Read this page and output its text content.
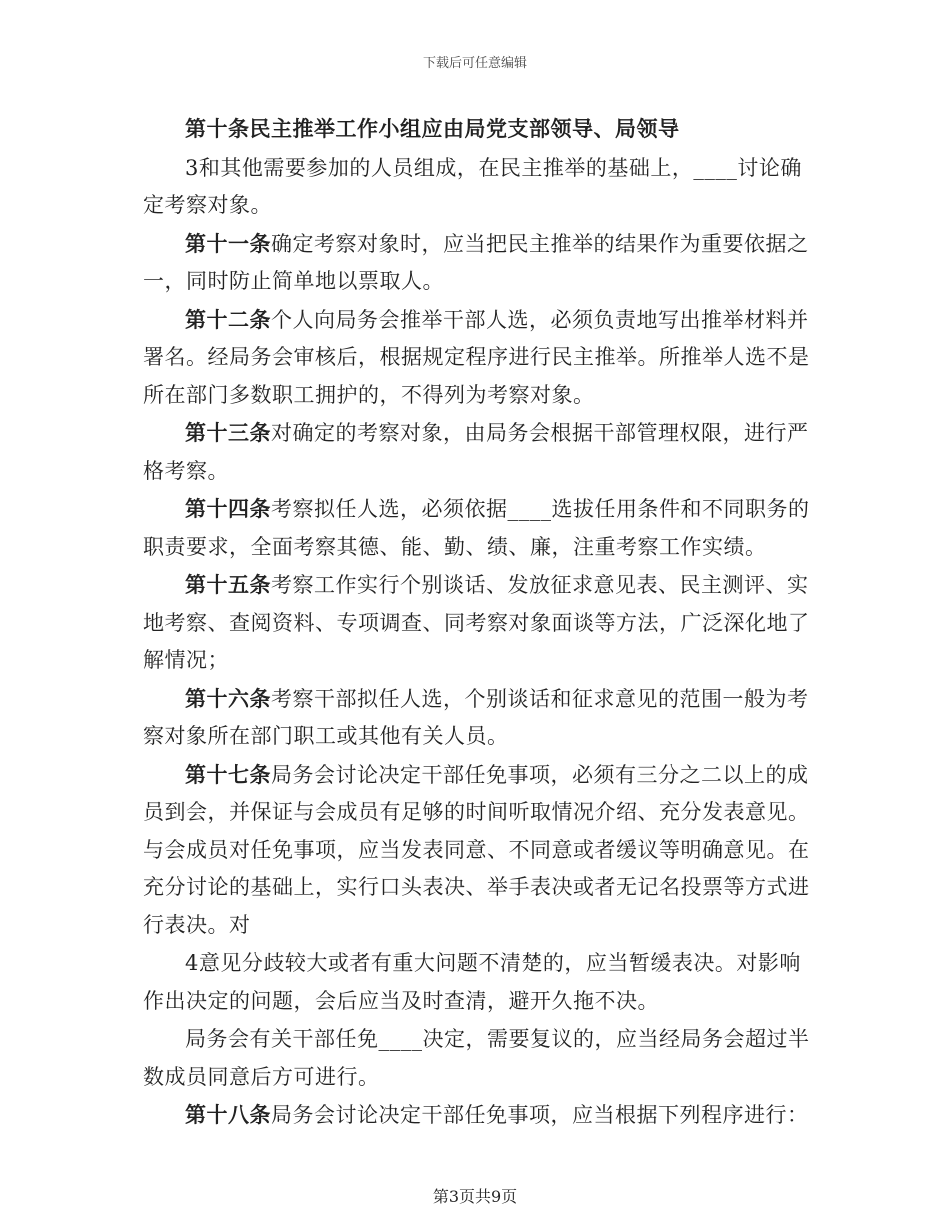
下载后可任意编辑

第十条民主推举工作小组应由局党支部领导、局领导

3和其他需要参加的人员组成，在民主推举的基础上，____讨论确定考察对象。

第十一条确定考察对象时，应当把民主推举的结果作为重要依据之一，同时防止简单地以票取人。

第十二条个人向局务会推举干部人选，必须负责地写出推举材料并署名。经局务会审核后，根据规定程序进行民主推举。所推举人选不是所在部门多数职工拥护的，不得列为考察对象。

第十三条对确定的考察对象，由局务会根据干部管理权限，进行严格考察。

第十四条考察拟任人选，必须依据____选拔任用条件和不同职务的职责要求，全面考察其德、能、勤、绩、廉，注重考察工作实绩。

第十五条考察工作实行个别谈话、发放征求意见表、民主测评、实地考察、查阅资料、专项调查、同考察对象面谈等方法，广泛深化地了解情况；

第十六条考察干部拟任人选，个别谈话和征求意见的范围一般为考察对象所在部门职工或其他有关人员。

第十七条局务会讨论决定干部任免事项，必须有三分之二以上的成员到会，并保证与会成员有足够的时间听取情况介绍、充分发表意见。与会成员对任免事项，应当发表同意、不同意或者缓议等明确意见。在充分讨论的基础上，实行口头表决、举手表决或者无记名投票等方式进行表决。对

4意见分歧较大或者有重大问题不清楚的，应当暂缓表决。对影响作出决定的问题，会后应当及时查清，避开久拖不决。

局务会有关干部任免____决定，需要复议的，应当经局务会超过半数成员同意后方可进行。

第十八条局务会讨论决定干部任免事项，应当根据下列程序进行：

第3页共9页
